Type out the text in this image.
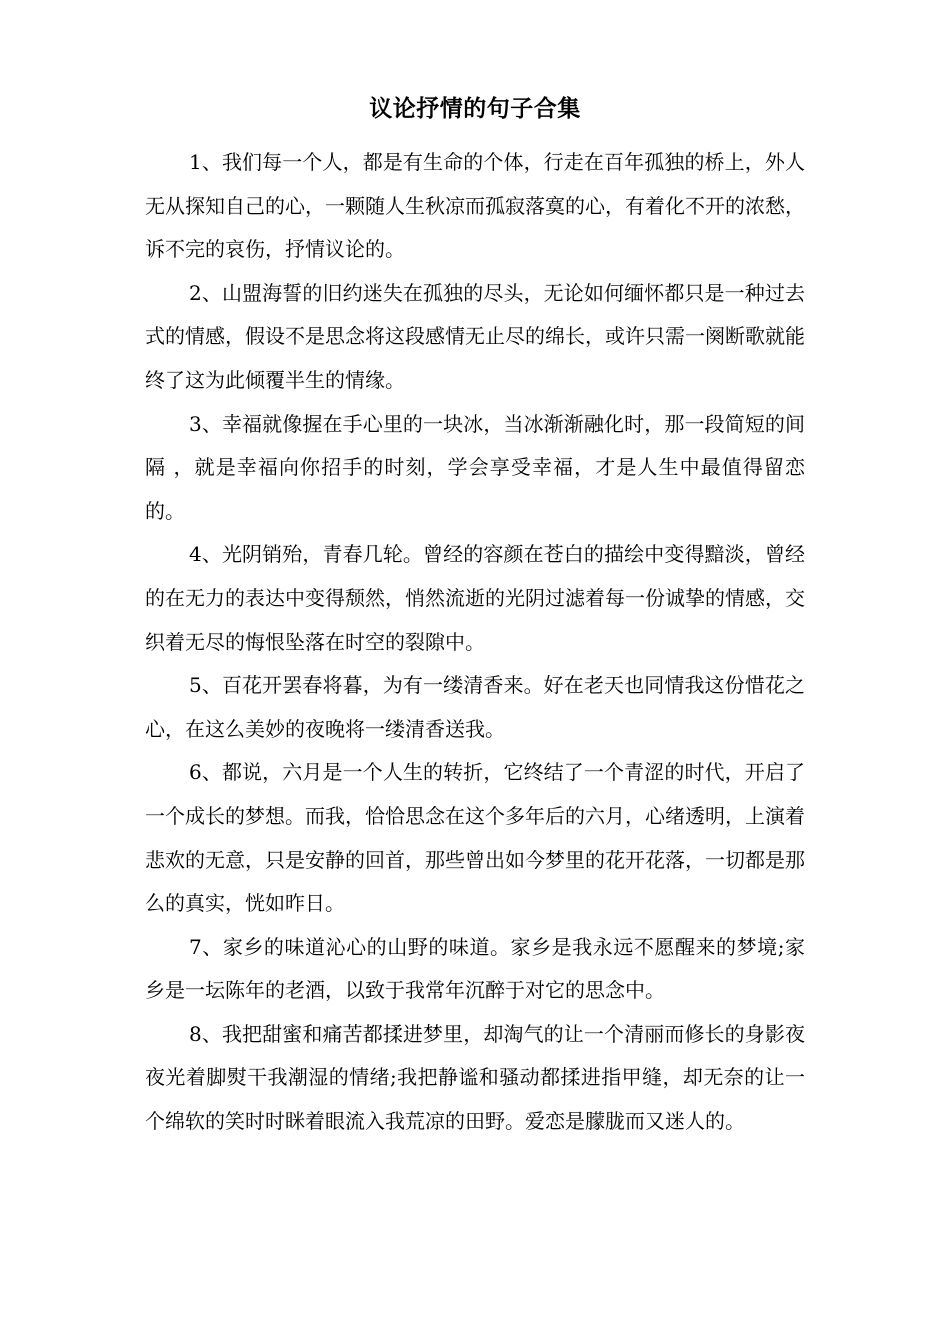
议论抒情的句子合集

1、我们每一个人，都是有生命的个体，行走在百年孤独的桥上，外人无从探知自己的心，一颗随人生秋凉而孤寂落寞的心，有着化不开的浓愁，诉不完的哀伤，抒情议论的。

2、山盟海誓的旧约迷失在孤独的尽头，无论如何缅怀都只是一种过去式的情感，假设不是思念将这段感情无止尽的绵长，或许只需一阕断歌就能终了这为此倾覆半生的情缘。

3、幸福就像握在手心里的一块冰，当冰渐渐融化时，那一段简短的间隔 ，就是幸福向你招手的时刻，学会享受幸福，才是人生中最值得留恋的。

4、光阴销殆，青春几轮。曾经的容颜在苍白的描绘中变得黯淡，曾经的在无力的表达中变得颓然，悄然流逝的光阴过滤着每一份诚挚的情感，交织着无尽的悔恨坠落在时空的裂隙中。

5、百花开罢春将暮，为有一缕清香来。好在老天也同情我这份惜花之心，在这么美妙的夜晚将一缕清香送我。

6、都说，六月是一个人生的转折，它终结了一个青涩的时代，开启了一个成长的梦想。而我，恰恰思念在这个多年后的六月，心绪透明，上演着悲欢的无意，只是安静的回首，那些曾出如今梦里的花开花落，一切都是那么的真实，恍如昨日。

7、家乡的味道沁心的山野的味道。家乡是我永远不愿醒来的梦境;家乡是一坛陈年的老酒，以致于我常年沉醉于对它的思念中。

8、我把甜蜜和痛苦都揉进梦里，却淘气的让一个清丽而修长的身影夜夜光着脚熨干我潮湿的情绪;我把静谧和骚动都揉进指甲缝，却无奈的让一个绵软的笑时时眯着眼流入我荒凉的田野。爱恋是朦胧而又迷人的。
